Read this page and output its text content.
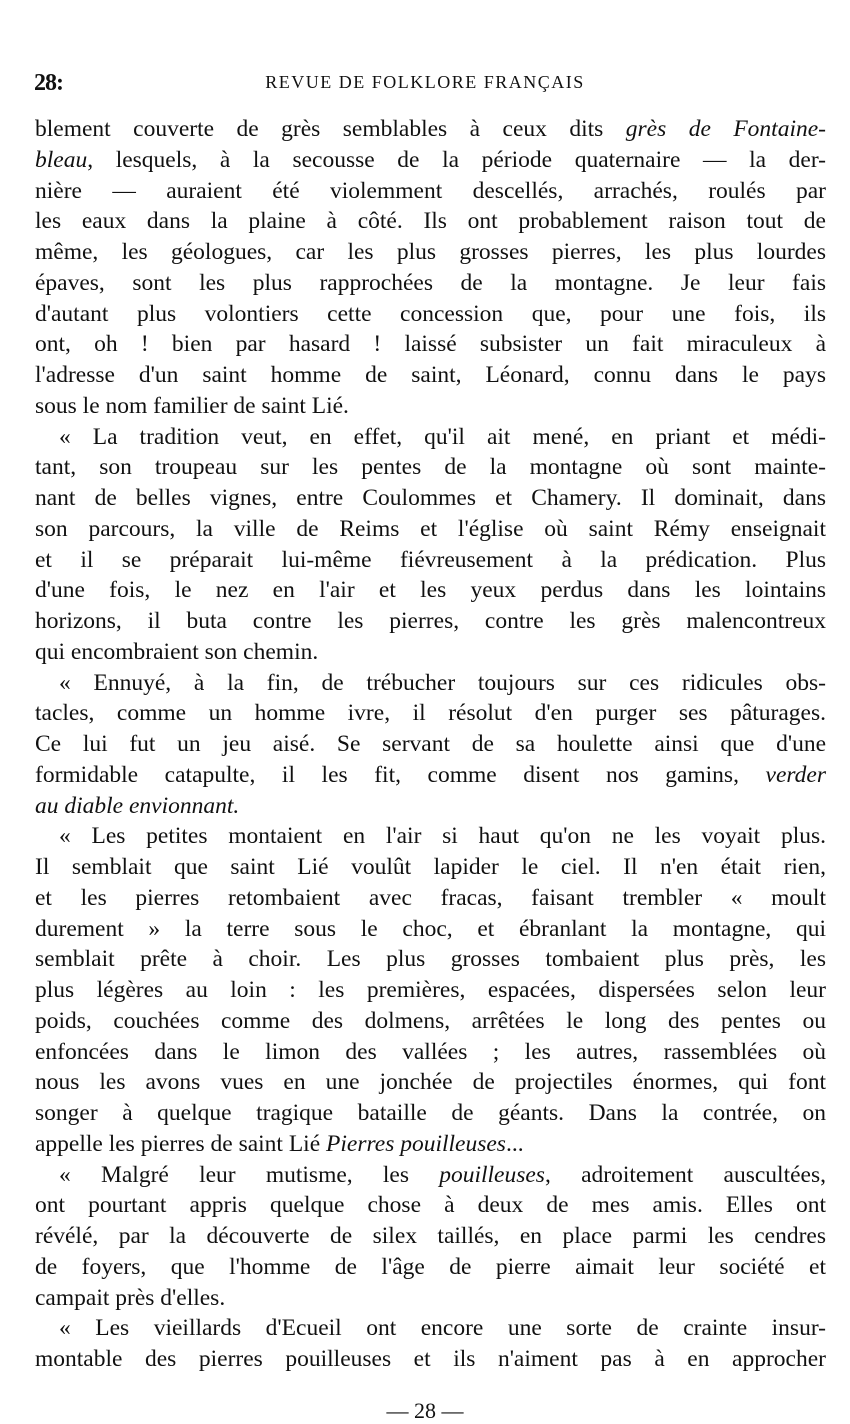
28:	REVUE DE FOLKLORE FRANÇAIS
blement couverte de grès semblables à ceux dits grès de Fontaine-
bleau, lesquels, à la secousse de la période quaternaire — la der-
nière — auraient été violemment descellés, arrachés, roulés par
les eaux dans la plaine à côté. Ils ont probablement raison tout de
même, les géologues, car les plus grosses pierres, les plus lourdes
épaves, sont les plus rapprochées de la montagne. Je leur fais
d'autant plus volontiers cette concession que, pour une fois, ils
ont, oh ! bien par hasard ! laissé subsister un fait miraculeux à
l'adresse d'un saint homme de saint, Léonard, connu dans le pays
sous le nom familier de saint Lié.
« La tradition veut, en effet, qu'il ait mené, en priant et médi-
tant, son troupeau sur les pentes de la montagne où sont mainte-
nant de belles vignes, entre Coulommes et Chamery. Il dominait, dans
son parcours, la ville de Reims et l'église où saint Rémy enseignait
et il se préparait lui-même fiévreusement à la prédication. Plus
d'une fois, le nez en l'air et les yeux perdus dans les lointains
horizons, il buta contre les pierres, contre les grès malencontreux
qui encombraient son chemin.
« Ennuyé, à la fin, de trébucher toujours sur ces ridicules obs-
tacles, comme un homme ivre, il résolut d'en purger ses pâturages.
Ce lui fut un jeu aisé. Se servant de sa houlette ainsi que d'une
formidable catapulte, il les fit, comme disent nos gamins, verder
au diable envionnant.
« Les petites montaient en l'air si haut qu'on ne les voyait plus.
Il semblait que saint Lié voulût lapider le ciel. Il n'en était rien,
et les pierres retombaient avec fracas, faisant trembler « moult
durement » la terre sous le choc, et ébranlant la montagne, qui
semblait prête à choir. Les plus grosses tombaient plus près, les
plus légères au loin : les premières, espacées, dispersées selon leur
poids, couchées comme des dolmens, arrêtées le long des pentes ou
enfoncées dans le limon des vallées ; les autres, rassemblées où
nous les avons vues en une jonchée de projectiles énormes, qui font
songer à quelque tragique bataille de géants. Dans la contrée, on
appelle les pierres de saint Lié Pierres pouilleuses...
« Malgré leur mutisme, les pouilleuses, adroitement auscultées,
ont pourtant appris quelque chose à deux de mes amis. Elles ont
révélé, par la découverte de silex taillés, en place parmi les cendres
de foyers, que l'homme de l'âge de pierre aimait leur société et
campait près d'elles.
« Les vieillards d'Ecueil ont encore une sorte de crainte insur-
montable des pierres pouilleuses et ils n'aiment pas à en approcher
— 28 —
